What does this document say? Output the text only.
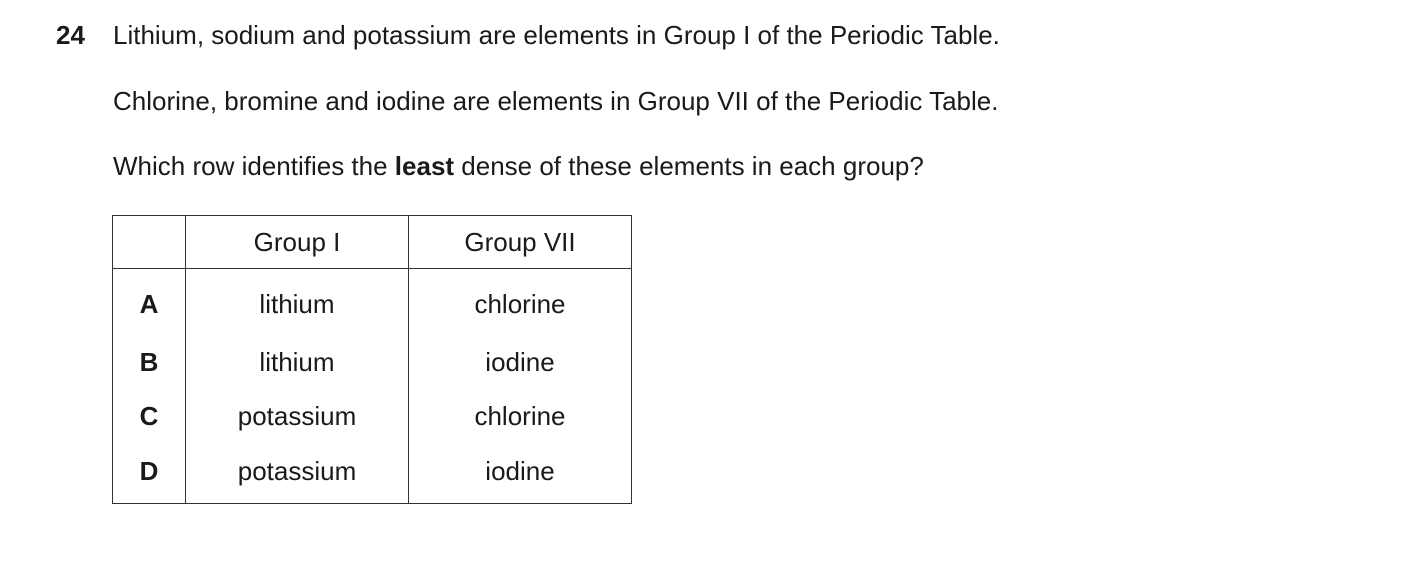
24 Lithium, sodium and potassium are elements in Group I of the Periodic Table.
Chlorine, bromine and iodine are elements in Group VII of the Periodic Table.
Which row identifies the least dense of these elements in each group?
	Group I	Group VII
A	lithium	chlorine
B	lithium	iodine
C	potassium	chlorine
D	potassium	iodine
